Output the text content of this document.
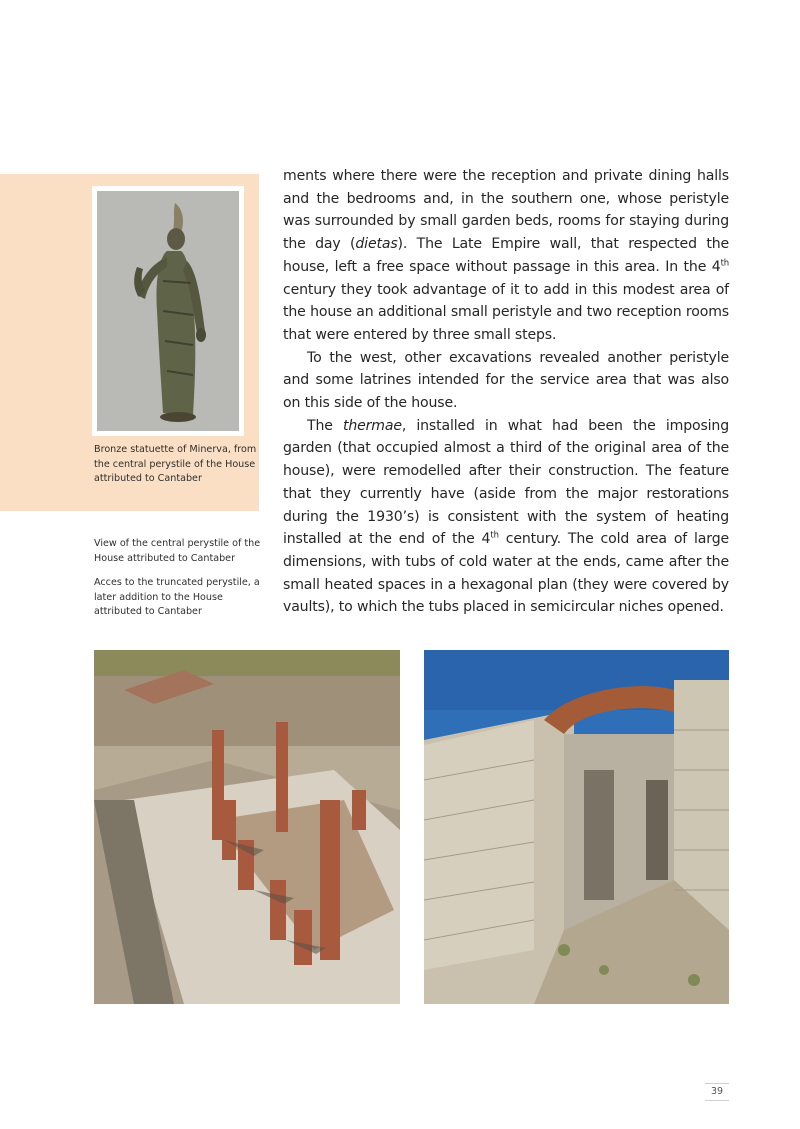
Bronze statuette of Minerva, from the central perystile of the House attributed to Cantaber
View of the central perystile of the House attributed to Cantaber
Acces to the truncated perystile, a later addition to the House attributed to Cantaber

ments where there were the reception and private dining halls and the bedrooms and, in the southern one, whose peristyle was surrounded by small garden beds, rooms for staying during the day (dietas). The Late Empire wall, that respected the house, left a free space without passage in this area. In the 4th century they took advantage of it to add in this modest area of the house an additional small peristyle and two reception rooms that were entered by three small steps.

To the west, other excavations revealed another peristyle and some latrines intended for the service area that was also on this side of the house.

The thermae, installed in what had been the imposing garden (that occupied almost a third of the original area of the house), were remodelled after their construction. The feature that they currently have (aside from the major restorations during the 1930’s) is consistent with the system of heating installed at the end of the 4th century. The cold area of large dimensions, with tubs of cold water at the ends, came after the small heated spaces in a hexagonal plan (they were covered by vaults), to which the tubs placed in semicircular niches opened.

39
